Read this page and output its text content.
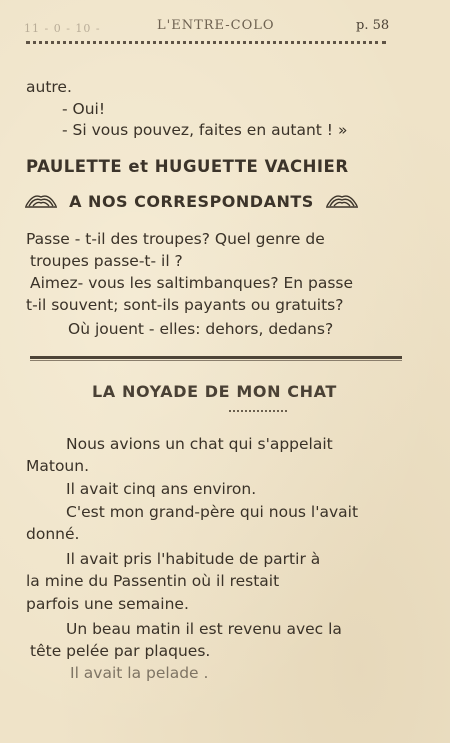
11 - 0 - 10 -	L'ENTRE-COLO	p. 58
autre.
- Oui!
- Si vous pouvez, faites en autant ! »
PAULETTE et HUGUETTE VACHIER
A NOS CORRESPONDANTS
Passe - t-il des troupes? Quel genre de
troupes passe-t- il ?
Aimez- vous les saltimbanques? En passe
t-il souvent; sont-ils payants ou gratuits?
Où jouent - elles: dehors, dedans?
LA NOYADE DE MON CHAT
Nous avions un chat qui s'appelait
Matoun.
Il avait cinq ans environ.
C'est mon grand-père qui nous l'avait
donné.
Il avait pris l'habitude de partir à
la mine du Passentin où il restait
parfois une semaine.
Un beau matin il est revenu avec la
tête pelée par plaques.
Il avait la pelade .
